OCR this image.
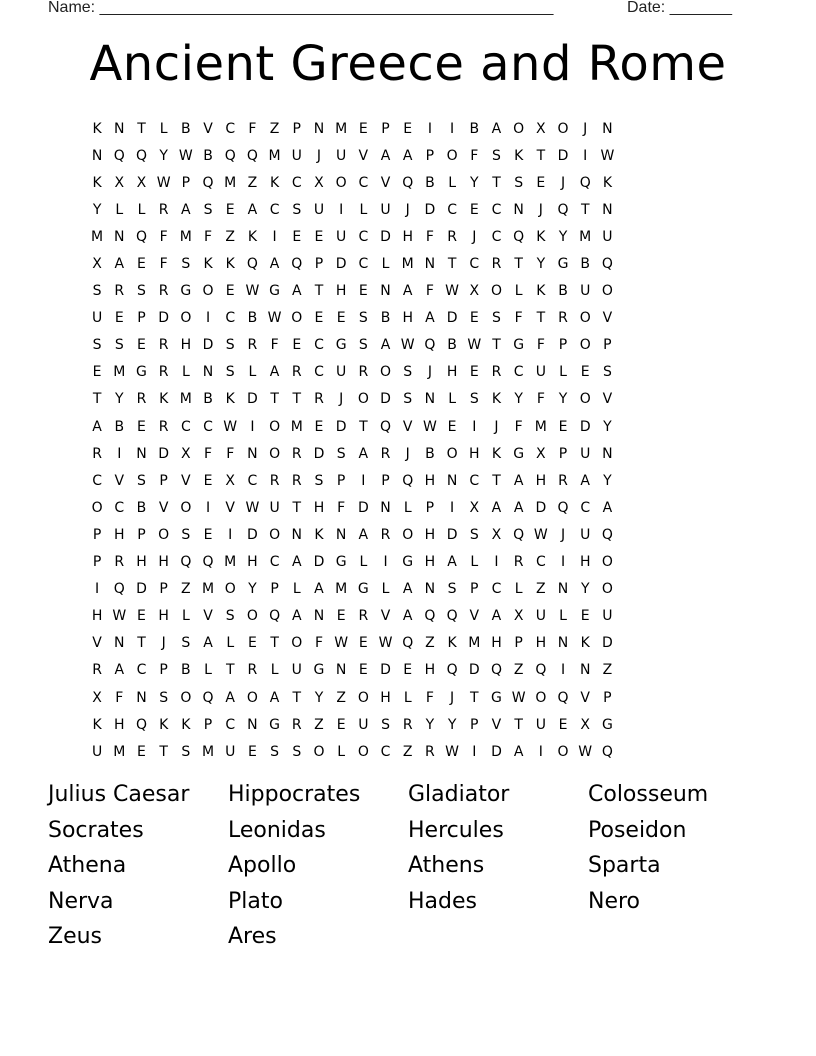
Name: ___________________________________________________	Date: _______
Ancient Greece and Rome
K N T	L B V C F Z P N M E P E	I	I	B A O X O	J	N
N Q Q Y W B Q Q M U	J	U V A A P O F S K T D	I W
K X X W P Q M Z K C X O C V Q B L	Y T S E	J	Q K
Y	L	L R A S E A C S U	I	L U	J	D C E C N	J	Q T N
M N Q F M F Z K	I	E E U C D H F R	J	C Q K Y M U
X A E F S K K Q A Q P D C L M N T C R T Y G B Q
S R S R G O E W G A T H E N A F W X O L K B U O
U E P D O	I	C B W O E E S B H A D E S F T R O V
S S E R H D S R F E C G S A W Q B W T G F P O P
E M G R L N S L A R C U R O S	J	H E R C U L E S
T Y R K M B K D T T R	J	O D S N L S K Y F Y O V
A B E R C C W I	O M E D T Q V W E	I	J	F M E D Y
R	I	N D X F	F N O R D S A R	J	B O H K G X P U N
C V S P V E X C R R S P	I	P Q H N C T A H R A Y
O C B V O	I	V W U T H F D N L	P	I	X A A D Q C A
P H P O S E	I	D O N K N A R O H D S X Q W J	U Q
P R H H Q Q M H C A D G L	I	G H A L	I	R C	I	H O
I	Q D P Z M O Y P	L A M G L A N S P C L Z N Y O
H W E H L V S O Q A N E R V A Q Q V A X U L E U
V N T	J	S A L E T O F W E W Q Z K M H P H N K D
R A C P B L	T R L U G N E D E H Q D Q Z Q	I	N Z
X F N S O Q A O A T Y Z O H L	F	J	T G W O Q V P
K H Q K K P C N G R Z E U S R Y Y P V T U E X G
U M E T S M U E S S O L O C Z R W I	D A	I	O W Q
Julius Caesar	Hippocrates	Gladiator	Colosseum
Socrates	Leonidas	Hercules	Poseidon
Athena	Apollo	Athens	Sparta
Nerva	Plato	Hades	Nero
Zeus	Ares
